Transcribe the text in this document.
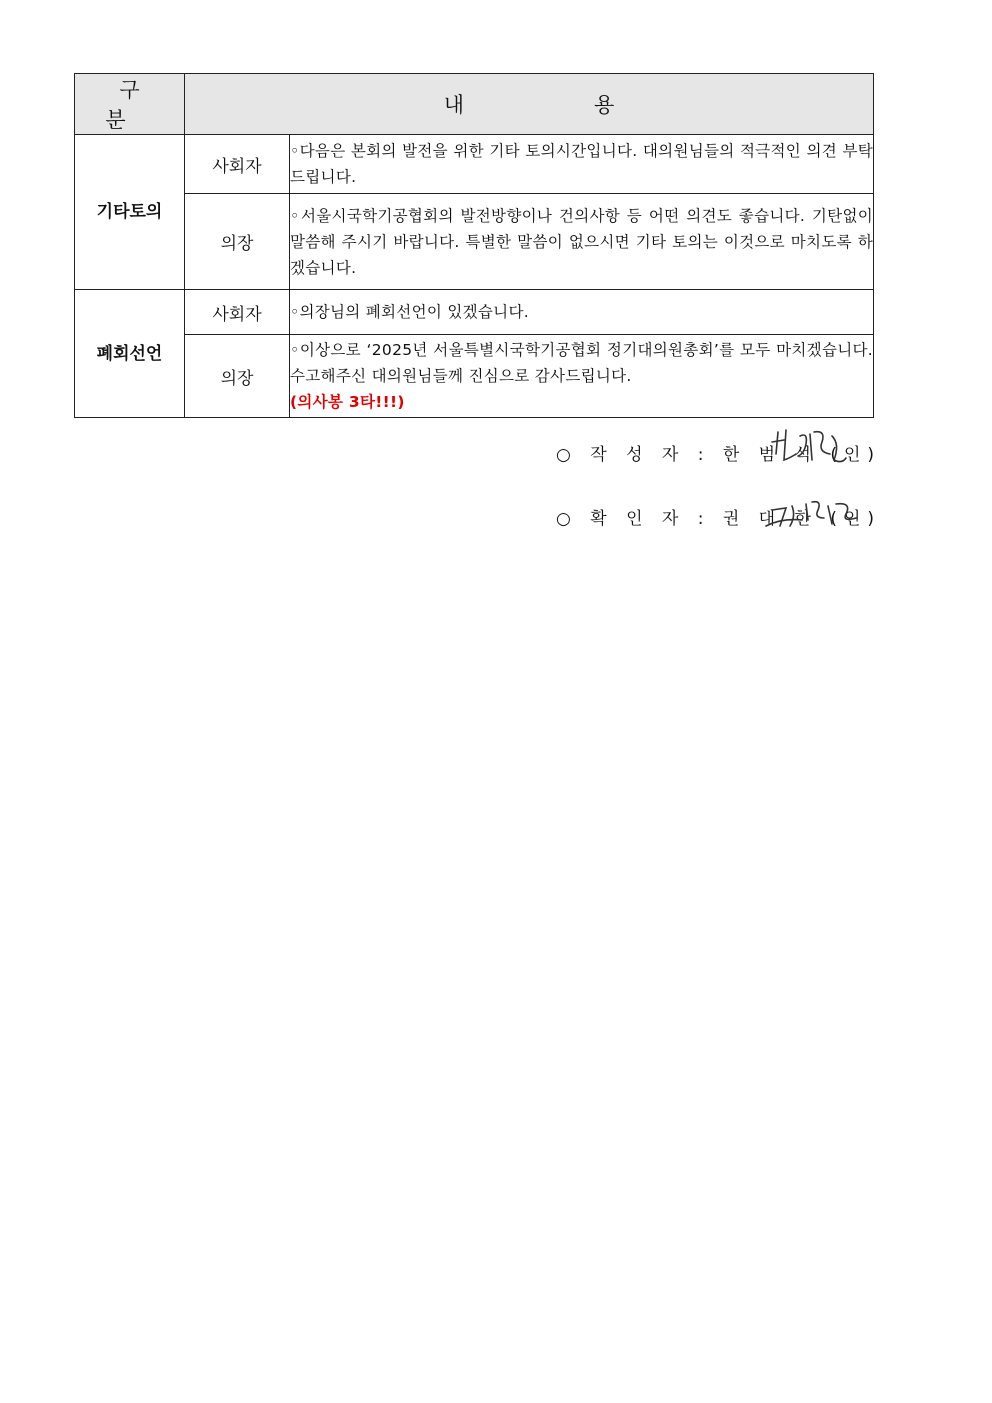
구 분	내 용	
기타토의	사회자	◦다음은 본회의 발전을 위한 기타 토의시간입니다. 대의원님들의 적극적인 의견 부탁드립니다.
	의장	◦서울시국학기공협회의 발전방향이나 건의사항 등 어떤 의견도 좋습니다. 기탄없이 말씀해 주시기 바랍니다. 특별한 말씀이 없으시면 기타 토의는 이것으로 마치도록 하겠습니다.
폐회선언	사회자	◦의장님의 폐회선언이 있겠습니다.
	의장	◦이상으로 ‘2025년 서울특별시국학기공협회 정기대의원총회’를 모두 마치겠습니다. 수고해주신 대의원님들께 진심으로 감사드립니다.
(의사봉 3타!!!)
○ 작 성 자 : 한 범 석 (인)
○ 확 인 자 : 권 대 한 (인)
